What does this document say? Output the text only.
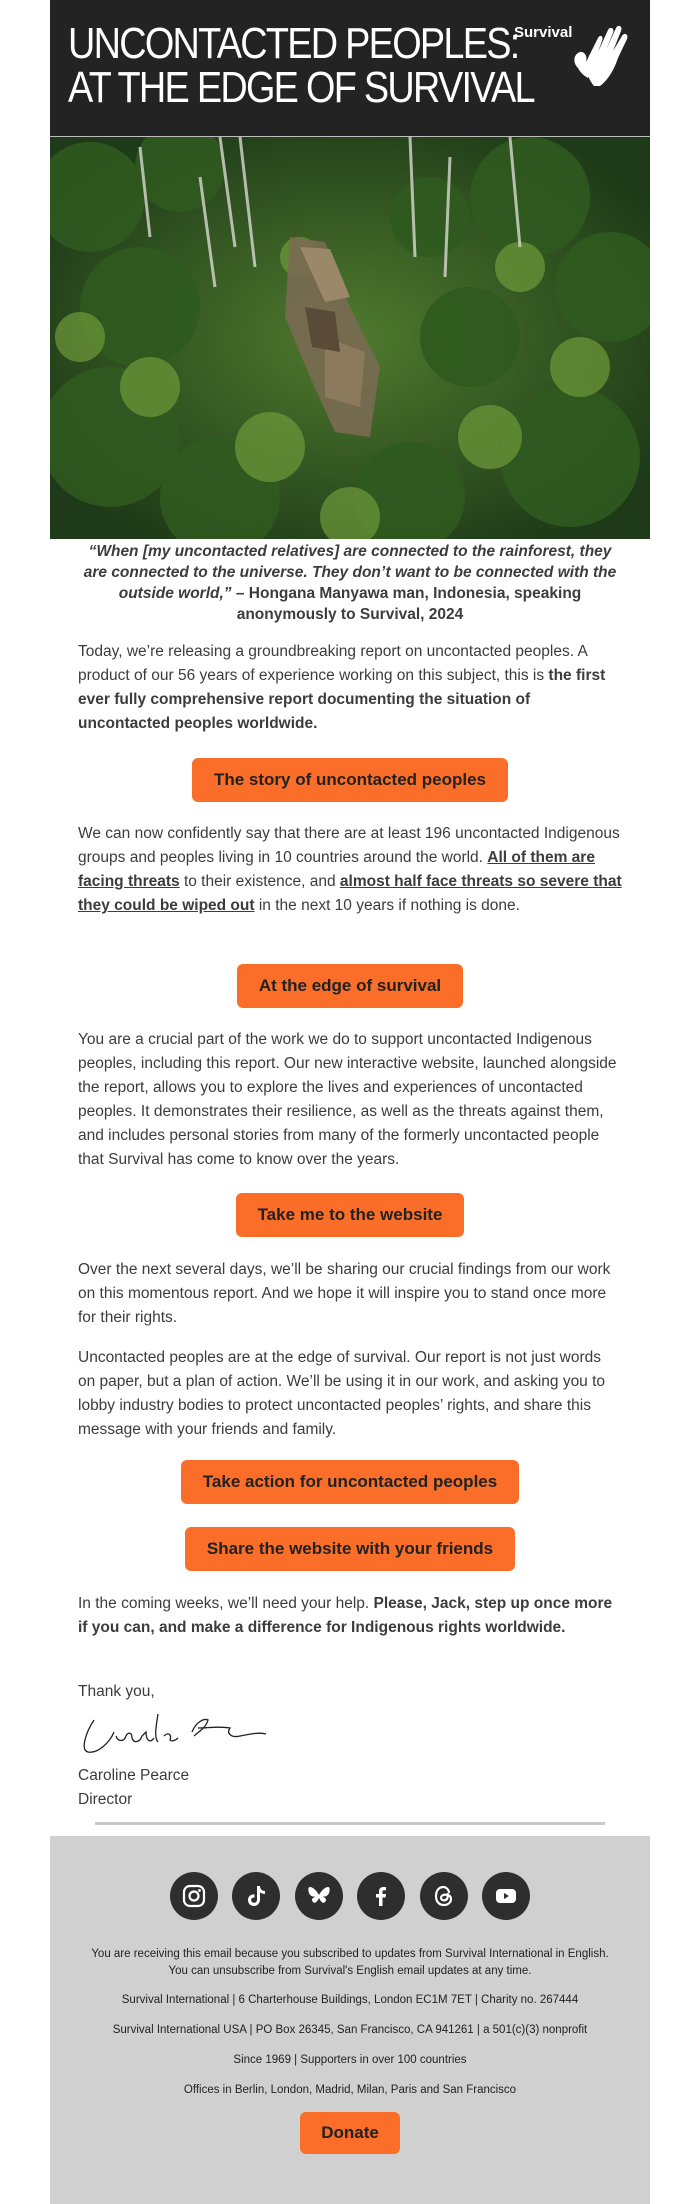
UNCONTACTED PEOPLES:
AT THE EDGE OF SURVIVAL
Survival
“When [my uncontacted relatives] are connected to the rainforest, they are connected to the universe. They don’t want to be connected with the outside world,” – Hongana Manyawa man, Indonesia, speaking anonymously to Survival, 2024

Today, we’re releasing a groundbreaking report on uncontacted peoples. A product of our 56 years of experience working on this subject, this is the first ever fully comprehensive report documenting the situation of uncontacted peoples worldwide.

The story of uncontacted peoples

We can now confidently say that there are at least 196 uncontacted Indigenous groups and peoples living in 10 countries around the world. All of them are facing threats to their existence, and almost half face threats so severe that they could be wiped out in the next 10 years if nothing is done.

At the edge of survival

You are a crucial part of the work we do to support uncontacted Indigenous peoples, including this report. Our new interactive website, launched alongside the report, allows you to explore the lives and experiences of uncontacted peoples. It demonstrates their resilience, as well as the threats against them, and includes personal stories from many of the formerly uncontacted people that Survival has come to know over the years.

Take me to the website

Over the next several days, we’ll be sharing our crucial findings from our work on this momentous report. And we hope it will inspire you to stand once more for their rights.

Uncontacted peoples are at the edge of survival. Our report is not just words on paper, but a plan of action. We’ll be using it in our work, and asking you to lobby industry bodies to protect uncontacted peoples’ rights, and share this message with your friends and family.

Take action for uncontacted peoples
Share the website with your friends

In the coming weeks, we’ll need your help. Please, Jack, step up once more if you can, and make a difference for Indigenous rights worldwide.

Thank you,

Caroline Pearce
Director

You are receiving this email because you subscribed to updates from Survival International in English.
You can unsubscribe from Survival's English email updates at any time.
Survival International | 6 Charterhouse Buildings, London EC1M 7ET | Charity no. 267444
Survival International USA | PO Box 26345, San Francisco, CA 941261 | a 501(c)(3) nonprofit
Since 1969 | Supporters in over 100 countries
Offices in Berlin, London, Madrid, Milan, Paris and San Francisco
Donate
